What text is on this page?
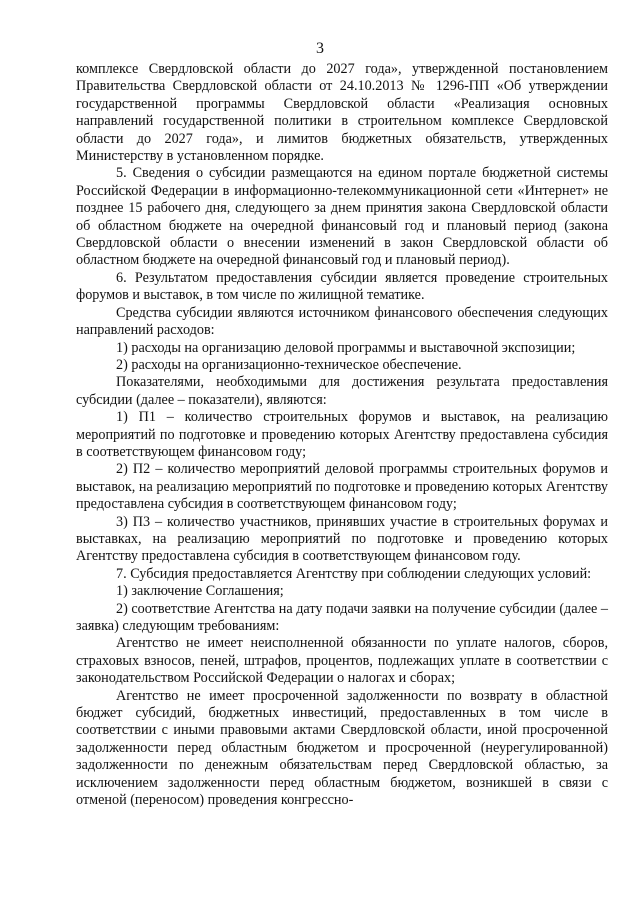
3

комплексе Свердловской области до 2027 года», утвержденной постановлением Правительства Свердловской области от 24.10.2013 № 1296-ПП «Об утверждении государственной программы Свердловской области «Реализация основных направлений государственной политики в строительном комплексе Свердловской области до 2027 года», и лимитов бюджетных обязательств, утвержденных Министерству в установленном порядке.

5. Сведения о субсидии размещаются на едином портале бюджетной системы Российской Федерации в информационно-телекоммуникационной сети «Интернет» не позднее 15 рабочего дня, следующего за днем принятия закона Свердловской области об областном бюджете на очередной финансовый год и плановый период (закона Свердловской области о внесении изменений в закон Свердловской области об областном бюджете на очередной финансовый год и плановый период).

6. Результатом предоставления субсидии является проведение строительных форумов и выставок, в том числе по жилищной тематике.

Средства субсидии являются источником финансового обеспечения следующих направлений расходов:

1) расходы на организацию деловой программы и выставочной экспозиции;

2) расходы на организационно-техническое обеспечение.

Показателями, необходимыми для достижения результата предоставления субсидии (далее – показатели), являются:

1) П1 – количество строительных форумов и выставок, на реализацию мероприятий по подготовке и проведению которых Агентству предоставлена субсидия в соответствующем финансовом году;

2) П2 – количество мероприятий деловой программы строительных форумов и выставок, на реализацию мероприятий по подготовке и проведению которых Агентству предоставлена субсидия в соответствующем финансовом году;

3) П3 – количество участников, принявших участие в строительных форумах и выставках, на реализацию мероприятий по подготовке и проведению которых Агентству предоставлена субсидия в соответствующем финансовом году.

7. Субсидия предоставляется Агентству при соблюдении следующих условий:

1) заключение Соглашения;

2) соответствие Агентства на дату подачи заявки на получение субсидии (далее – заявка) следующим требованиям:

Агентство не имеет неисполненной обязанности по уплате налогов, сборов, страховых взносов, пеней, штрафов, процентов, подлежащих уплате в соответствии с законодательством Российской Федерации о налогах и сборах;

Агентство не имеет просроченной задолженности по возврату в областной бюджет субсидий, бюджетных инвестиций, предоставленных в том числе в соответствии с иными правовыми актами Свердловской области, иной просроченной задолженности перед областным бюджетом и просроченной (неурегулированной) задолженности по денежным обязательствам перед Свердловской областью, за исключением задолженности перед областным бюджетом, возникшей в связи с отменой (переносом) проведения конгрессно-
